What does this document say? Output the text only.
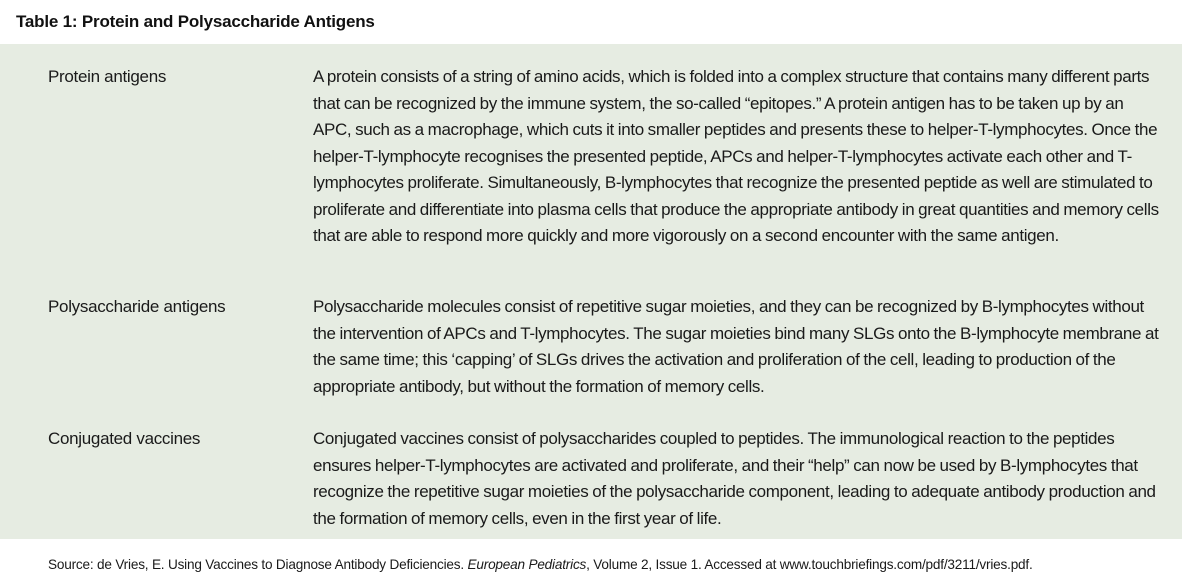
Table 1: Protein and Polysaccharide Antigens
Protein antigens	A protein consists of a string of amino acids, which is folded into a complex structure that contains many different parts that can be recognized by the immune system, the so-called “epitopes.” A protein antigen has to be taken up by an APC, such as a macrophage, which cuts it into smaller peptides and presents these to helper-T-lymphocytes. Once the helper-T-lymphocyte recognises the presented peptide, APCs and helper-T-lymphocytes activate each other and T-lymphocytes proliferate. Simultaneously, B-lymphocytes that recognize the presented peptide as well are stimulated to proliferate and differentiate into plasma cells that produce the appropriate antibody in great quantities and memory cells that are able to respond more quickly and more vigorously on a second encounter with the same antigen.
Polysaccharide antigens	Polysaccharide molecules consist of repetitive sugar moieties, and they can be recognized by B-lymphocytes without the intervention of APCs and T-lymphocytes. The sugar moieties bind many SLGs onto the B-lymphocyte membrane at the same time; this ‘capping’ of SLGs drives the activation and proliferation of the cell, leading to production of the appropriate antibody, but without the formation of memory cells.
Conjugated vaccines	Conjugated vaccines consist of polysaccharides coupled to peptides. The immunological reaction to the peptides ensures helper-T-lymphocytes are activated and proliferate, and their “help” can now be used by B-lymphocytes that recognize the repetitive sugar moieties of the polysaccharide component, leading to adequate antibody production and the formation of memory cells, even in the first year of life.
Source: de Vries, E. Using Vaccines to Diagnose Antibody Deficiencies. European Pediatrics, Volume 2, Issue 1. Accessed at www.touchbriefings.com/pdf/3211/vries.pdf.
